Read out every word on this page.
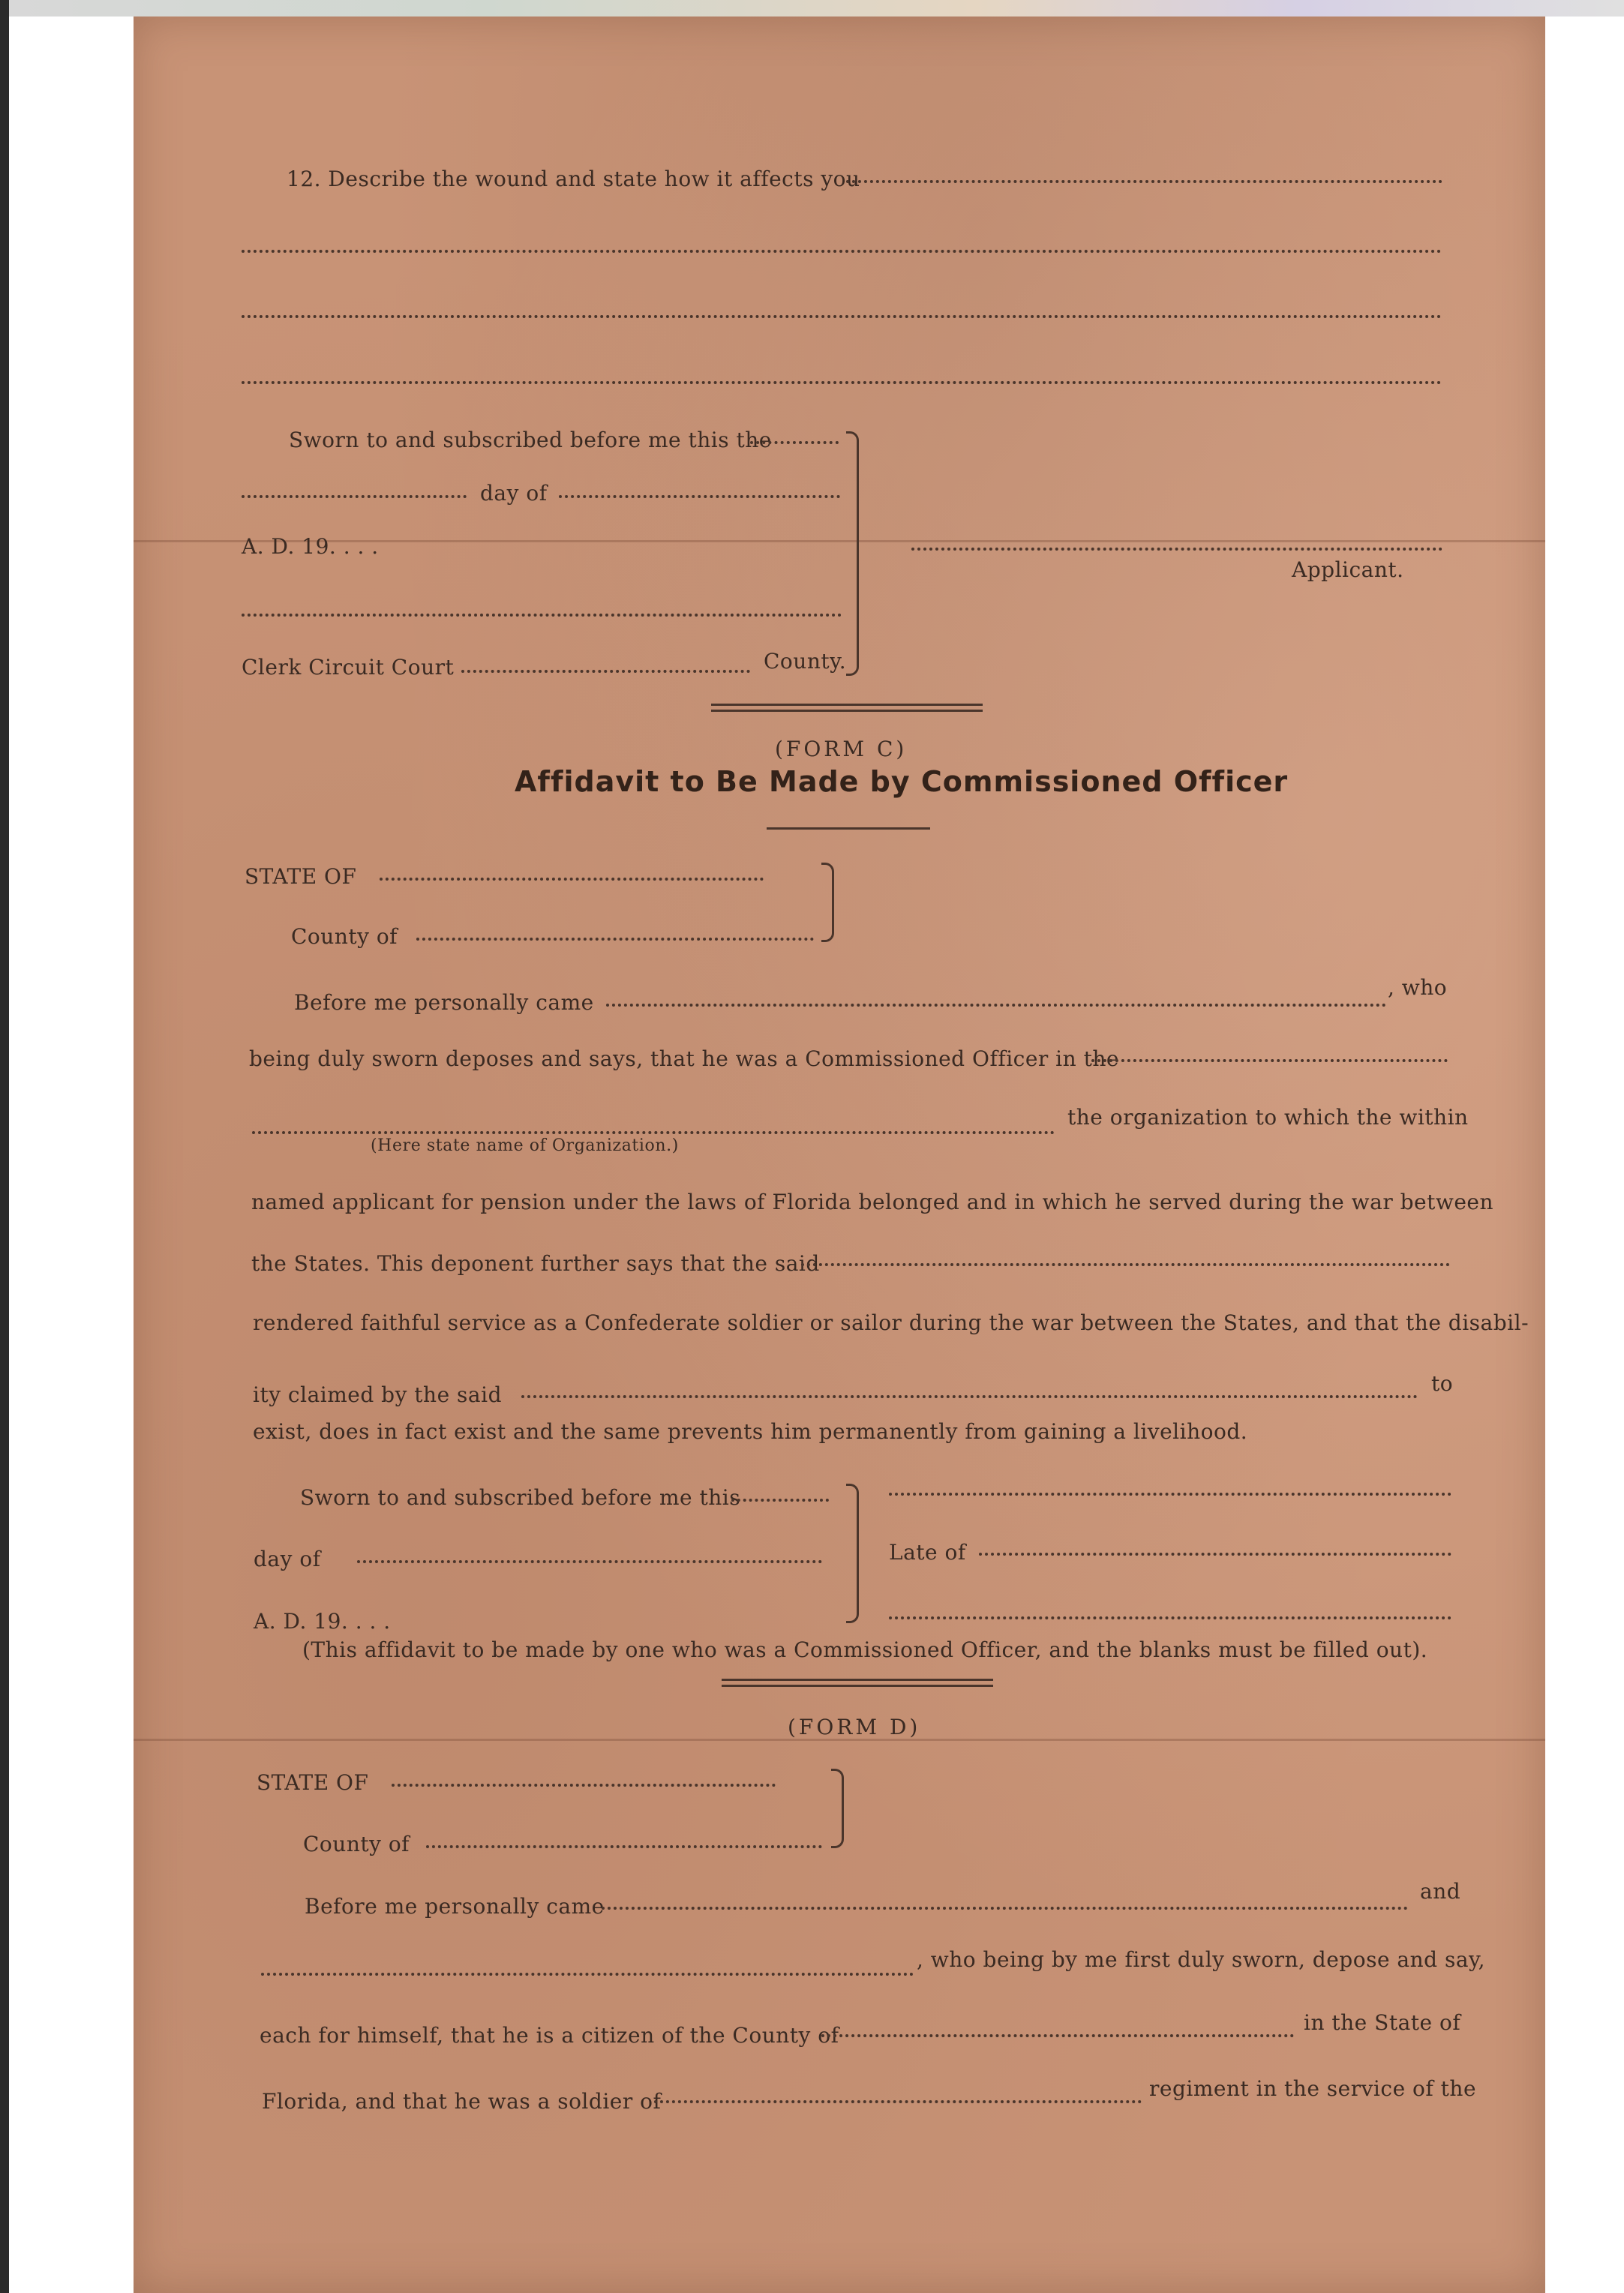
12. Describe the wound and state how it affects you
Sworn to and subscribed before me this the
day of
A. D. 19. . . .
Clerk Circuit Court	County.
Applicant.
(FORM C)
Affidavit to Be Made by Commissioned Officer
STATE OF
County of
Before me personally came
, who
being duly sworn deposes and says, that he was a Commissioned Officer in the
the organization to which the within
(Here state name of Organization.)
named applicant for pension under the laws of Florida belonged and in which he served during the war between
the States. This deponent further says that the said
rendered faithful service as a Confederate soldier or sailor during the war between the States, and that the disabil-
ity claimed by the said	to
exist, does in fact exist and the same prevents him permanently from gaining a livelihood.
Sworn to and subscribed before me this
day of
A. D. 19. . . .
Late of
(This affidavit to be made by one who was a Commissioned Officer, and the blanks must be filled out).
(FORM D)
STATE OF
County of
Before me personally came
and
, who being by me first duly sworn, depose and say,
each for himself, that he is a citizen of the County of
in the State of
Florida, and that he was a soldier of
regiment in the service of the
